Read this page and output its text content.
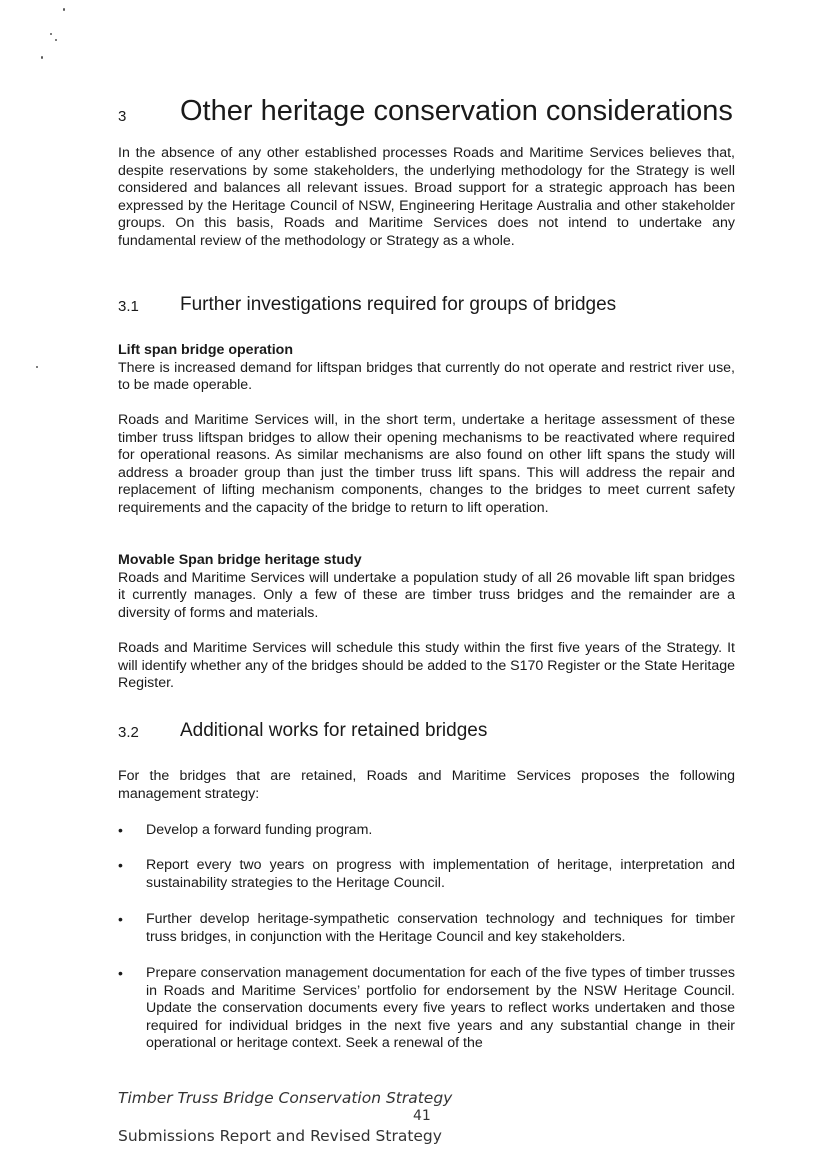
3 Other heritage conservation considerations

In the absence of any other established processes Roads and Maritime Services believes that, despite reservations by some stakeholders, the underlying methodology for the Strategy is well considered and balances all relevant issues. Broad support for a strategic approach has been expressed by the Heritage Council of NSW, Engineering Heritage Australia and other stakeholder groups. On this basis, Roads and Maritime Services does not intend to undertake any fundamental review of the methodology or Strategy as a whole.

3.1 Further investigations required for groups of bridges
Lift span bridge operation
There is increased demand for liftspan bridges that currently do not operate and restrict river use, to be made operable.

Roads and Maritime Services will, in the short term, undertake a heritage assessment of these timber truss liftspan bridges to allow their opening mechanisms to be reactivated where required for operational reasons. As similar mechanisms are also found on other lift spans the study will address a broader group than just the timber truss lift spans. This will address the repair and replacement of lifting mechanism components, changes to the bridges to meet current safety requirements and the capacity of the bridge to return to lift operation.

Movable Span bridge heritage study
Roads and Maritime Services will undertake a population study of all 26 movable lift span bridges it currently manages. Only a few of these are timber truss bridges and the remainder are a diversity of forms and materials.

Roads and Maritime Services will schedule this study within the first five years of the Strategy. It will identify whether any of the bridges should be added to the S170 Register or the State Heritage Register.

3.2 Additional works for retained bridges

For the bridges that are retained, Roads and Maritime Services proposes the following management strategy:

• Develop a forward funding program.

• Report every two years on progress with implementation of heritage, interpretation and sustainability strategies to the Heritage Council.

• Further develop heritage-sympathetic conservation technology and techniques for timber truss bridges, in conjunction with the Heritage Council and key stakeholders.

• Prepare conservation management documentation for each of the five types of timber trusses in Roads and Maritime Services’ portfolio for endorsement by the NSW Heritage Council. Update the conservation documents every five years to reflect works undertaken and those required for individual bridges in the next five years and any substantial change in their operational or heritage context. Seek a renewal of the

Timber Truss Bridge Conservation Strategy
41
Submissions Report and Revised Strategy
